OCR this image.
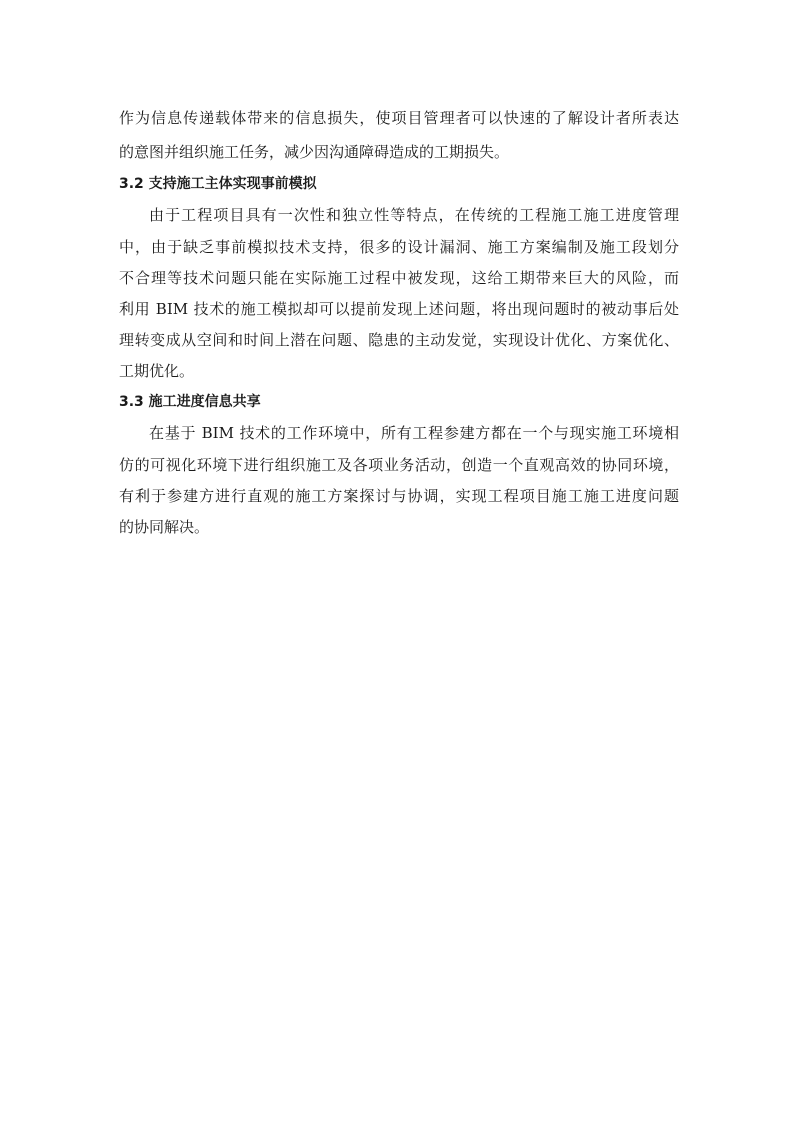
作为信息传递载体带来的信息损失，使项目管理者可以快速的了解设计者所表达
的意图并组织施工任务，减少因沟通障碍造成的工期损失。
3.2 支持施工主体实现事前模拟
由于工程项目具有一次性和独立性等特点，在传统的工程施工施工进度管理
中，由于缺乏事前模拟技术支持，很多的设计漏洞、施工方案编制及施工段划分
不合理等技术问题只能在实际施工过程中被发现，这给工期带来巨大的风险，而
利用 BIM 技术的施工模拟却可以提前发现上述问题，将出现问题时的被动事后处
理转变成从空间和时间上潜在问题、隐患的主动发觉，实现设计优化、方案优化、
工期优化。
3.3 施工进度信息共享
在基于 BIM 技术的工作环境中，所有工程参建方都在一个与现实施工环境相
仿的可视化环境下进行组织施工及各项业务活动，创造一个直观高效的协同环境，
有利于参建方进行直观的施工方案探讨与协调，实现工程项目施工施工进度问题
的协同解决。
